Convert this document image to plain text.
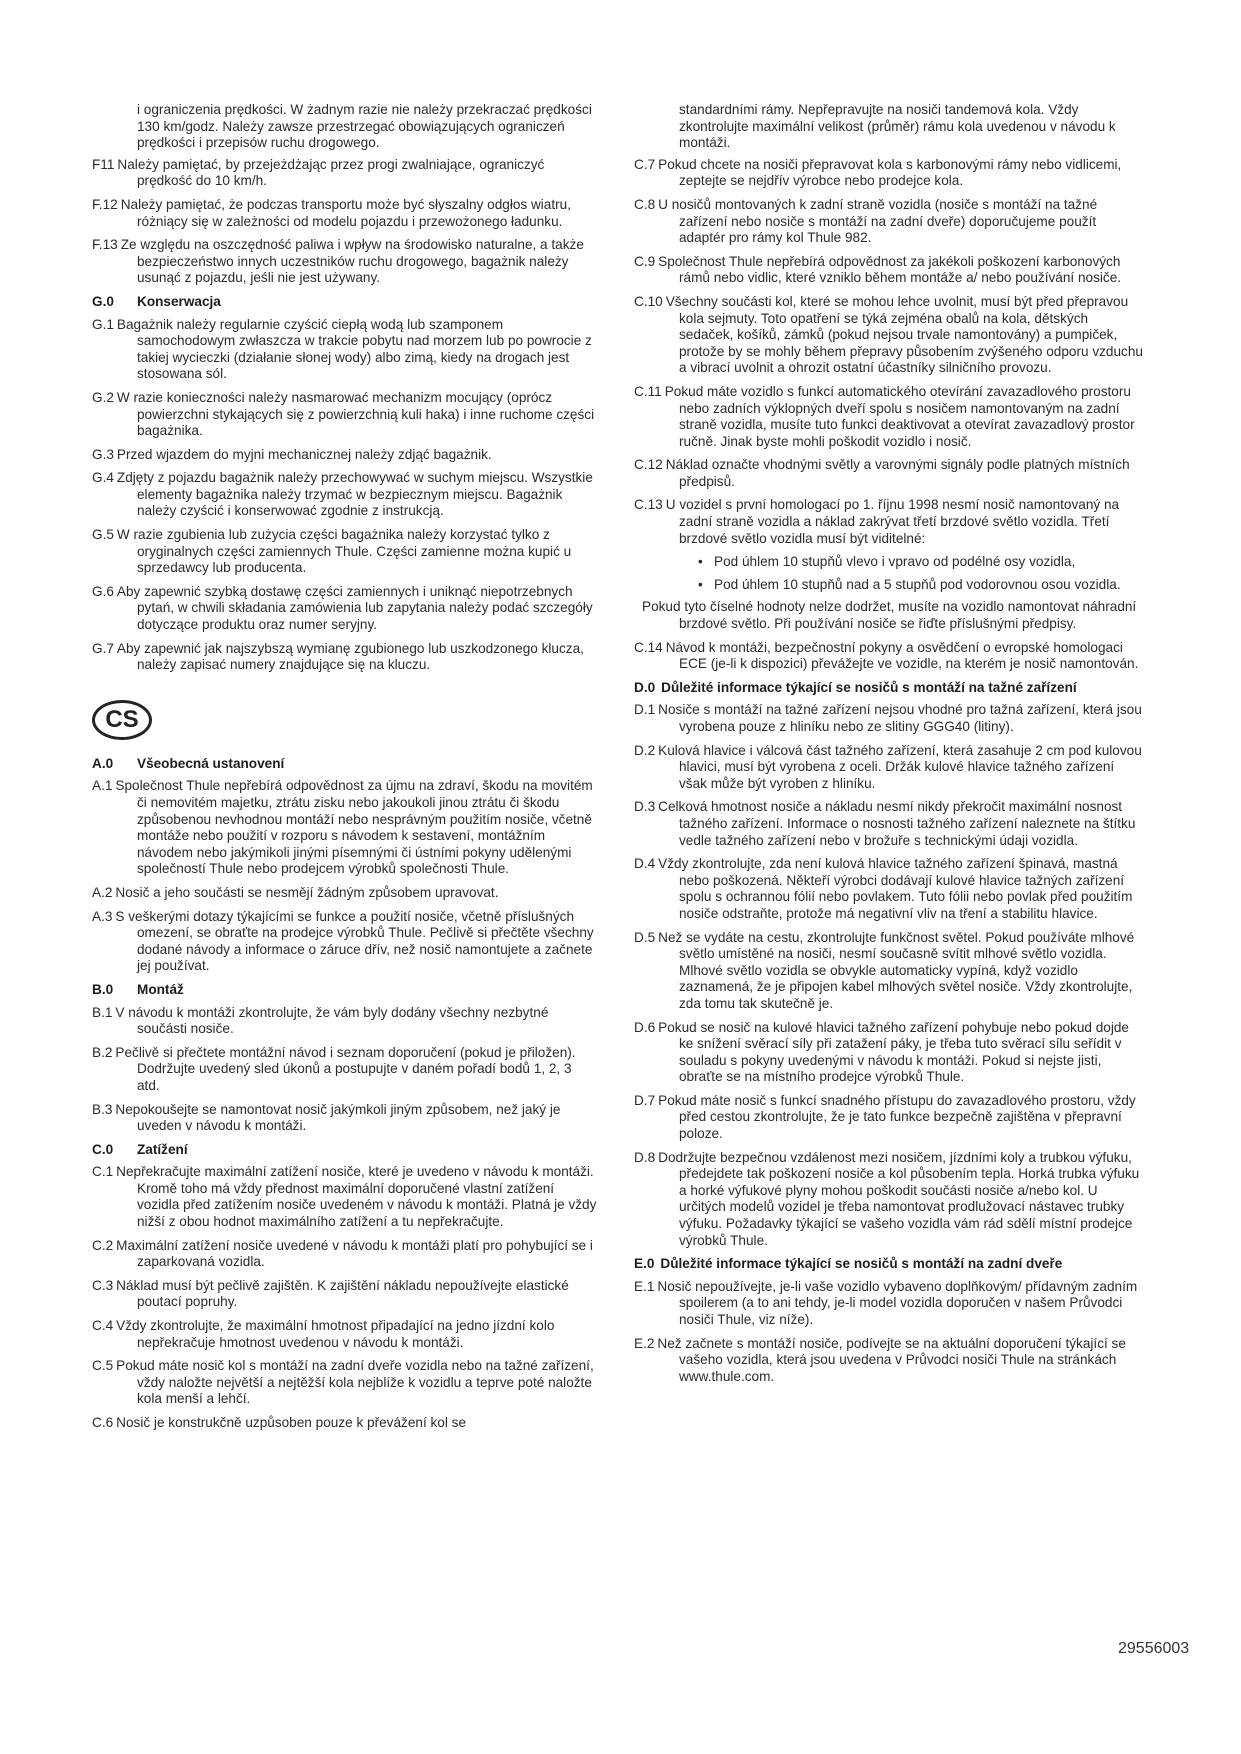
i ograniczenia prędkości. W żadnym razie nie należy przekraczać prędkości 130 km/godz. Należy zawsze przestrzegać obowiązujących ograniczeń prędkości i przepisów ruchu drogowego.

F11 Należy pamiętać, by przejeżdżając przez progi zwalniające, ograniczyć prędkość do 10 km/h.

F.12 Należy pamiętać, że podczas transportu może być słyszalny odgłos wiatru, różniący się w zależności od modelu pojazdu i przewożonego ładunku.

F.13 Ze względu na oszczędność paliwa i wpływ na środowisko naturalne, a także bezpieczeństwo innych uczestników ruchu drogowego, bagażnik należy usunąć z pojazdu, jeśli nie jest używany.

G.0 Konserwacja

G.1 Bagażnik należy regularnie czyścić ciepłą wodą lub szamponem samochodowym zwłaszcza w trakcie pobytu nad morzem lub po powrocie z takiej wycieczki (działanie słonej wody) albo zimą, kiedy na drogach jest stosowana sól.

G.2 W razie konieczności należy nasmarować mechanizm mocujący (oprócz powierzchni stykających się z powierzchnią kuli haka) i inne ruchome części bagażnika.

G.3 Przed wjazdem do myjni mechanicznej należy zdjąć bagażnik.

G.4 Zdjęty z pojazdu bagażnik należy przechowywać w suchym miejscu. Wszystkie elementy bagażnika należy trzymać w bezpiecznym miejscu. Bagażnik należy czyścić i konserwować zgodnie z instrukcją.

G.5 W razie zgubienia lub zużycia części bagażnika należy korzystać tylko z oryginalnych części zamiennych Thule. Części zamienne można kupić u sprzedawcy lub producenta.

G.6 Aby zapewnić szybką dostawę części zamiennych i uniknąć niepotrzebnych pytań, w chwili składania zamówienia lub zapytania należy podać szczegóły dotyczące produktu oraz numer seryjny.

G.7 Aby zapewnić jak najszybszą wymianę zgubionego lub uszkodzonego klucza, należy zapisać numery znajdujące się na kluczu.

CS
A.0 Všeobecná ustanovení

A.1 Společnost Thule nepřebírá odpovědnost za újmu na zdraví, škodu na movitém či nemovitém majetku, ztrátu zisku nebo jakoukoli jinou ztrátu či škodu způsobenou nevhodnou montáží nebo nesprávným použitím nosiče, včetně montáže nebo použití v rozporu s návodem k sestavení, montážním návodem nebo jakýmikoli jinými písemnými či ústními pokyny udělenými společností Thule nebo prodejcem výrobků společnosti Thule.

A.2 Nosič a jeho součásti se nesmějí žádným způsobem upravovat.

A.3 S veškerými dotazy týkajícími se funkce a použití nosiče, včetně příslušných omezení, se obraťte na prodejce výrobků Thule. Pečlivě si přečtěte všechny dodané návody a informace o záruce dřív, než nosič namontujete a začnete jej používat.

B.0 Montáž

B.1 V návodu k montáži zkontrolujte, že vám byly dodány všechny nezbytné součásti nosiče.

B.2 Pečlivě si přečtete montážní návod i seznam doporučení (pokud je přiložen). Dodržujte uvedený sled úkonů a postupujte v daném pořadí bodů 1, 2, 3 atd.

B.3 Nepokoušejte se namontovat nosič jakýmkoli jiným způsobem, než jaký je uveden v návodu k montáži.

C.0 Zatížení

C.1 Nepřekračujte maximální zatížení nosiče, které je uvedeno v návodu k montáži. Kromě toho má vždy přednost maximální doporučené vlastní zatížení vozidla před zatížením nosiče uvedeném v návodu k montáži. Platná je vždy nižší z obou hodnot maximálního zatížení a tu nepřekračujte.

C.2 Maximální zatížení nosiče uvedené v návodu k montáži platí pro pohybující se i zaparkovaná vozidla.

C.3 Náklad musí být pečlivě zajištěn. K zajištění nákladu nepoužívejte elastické poutací popruhy.

C.4 Vždy zkontrolujte, že maximální hmotnost připadající na jedno jízdní kolo nepřekračuje hmotnost uvedenou v návodu k montáži.

C.5 Pokud máte nosič kol s montáží na zadní dveře vozidla nebo na tažné zařízení, vždy naložte největší a nejtěžší kola nejblíže k vozidlu a teprve poté naložte kola menší a lehčí.

C.6 Nosič je konstrukčně uzpůsoben pouze k převážení kol se

standardními rámy. Nepřepravujte na nosiči tandemová kola. Vždy zkontrolujte maximální velikost (průměr) rámu kola uvedenou v návodu k montáži.

C.7 Pokud chcete na nosiči přepravovat kola s karbonovými rámy nebo vidlicemi, zeptejte se nejdřív výrobce nebo prodejce kola.

C.8 U nosičů montovaných k zadní straně vozidla (nosiče s montáží na tažné zařízení nebo nosiče s montáží na zadní dveře) doporučujeme použít adaptér pro rámy kol Thule 982.

C.9 Společnost Thule nepřebírá odpovědnost za jakékoli poškození karbonových rámů nebo vidlic, které vzniklo během montáže a/ nebo používání nosiče.

C.10 Všechny součásti kol, které se mohou lehce uvolnit, musí být před přepravou kola sejmuty. Toto opatření se týká zejména obalů na kola, dětských sedaček, košíků, zámků (pokud nejsou trvale namontovány) a pumpiček, protože by se mohly během přepravy působením zvýšeného odporu vzduchu a vibrací uvolnit a ohrozit ostatní účastníky silničního provozu.

C.11 Pokud máte vozidlo s funkcí automatického otevírání zavazadlového prostoru nebo zadních výklopných dveří spolu s nosičem namontovaným na zadní straně vozidla, musíte tuto funkci deaktivovat a otevírat zavazadlový prostor ručně. Jinak byste mohli poškodit vozidlo i nosič.

C.12 Náklad označte vhodnými světly a varovnými signály podle platných místních předpisů.

C.13 U vozidel s první homologací po 1. říjnu 1998 nesmí nosič namontovaný na zadní straně vozidla a náklad zakrývat třetí brzdové světlo vozidla. Třetí brzdové světlo vozidla musí být viditelné:

• Pod úhlem 10 stupňů vlevo i vpravo od podélné osy vozidla,

• Pod úhlem 10 stupňů nad a 5 stupňů pod vodorovnou osou vozidla.

Pokud tyto číselné hodnoty nelze dodržet, musíte na vozidlo namontovat náhradní brzdové světlo. Při používání nosiče se řiďte příslušnými předpisy.

C.14 Návod k montáži, bezpečnostní pokyny a osvědčení o evropské homologaci ECE (je-li k dispozici) převážejte ve vozidle, na kterém je nosič namontován.

D.0 Důležité informace týkající se nosičů s montáží na tažné zařízení

D.1 Nosiče s montáží na tažné zařízení nejsou vhodné pro tažná zařízení, která jsou vyrobena pouze z hliníku nebo ze slitiny GGG40 (litiny).

D.2 Kulová hlavice i válcová část tažného zařízení, která zasahuje 2 cm pod kulovou hlavici, musí být vyrobena z oceli. Držák kulové hlavice tažného zařízení však může být vyroben z hliníku.

D.3 Celková hmotnost nosiče a nákladu nesmí nikdy překročit maximální nosnost tažného zařízení. Informace o nosnosti tažného zařízení naleznete na štítku vedle tažného zařízení nebo v brožuře s technickými údaji vozidla.

D.4 Vždy zkontrolujte, zda není kulová hlavice tažného zařízení špinavá, mastná nebo poškozená. Někteří výrobci dodávají kulové hlavice tažných zařízení spolu s ochrannou fólií nebo povlakem. Tuto fólii nebo povlak před použitím nosiče odstraňte, protože má negativní vliv na tření a stabilitu hlavice.

D.5 Než se vydáte na cestu, zkontrolujte funkčnost světel. Pokud používáte mlhové světlo umístěné na nosiči, nesmí současně svítit mlhové světlo vozidla. Mlhové světlo vozidla se obvykle automaticky vypíná, když vozidlo zaznamená, že je připojen kabel mlhových světel nosiče. Vždy zkontrolujte, zda tomu tak skutečně je.

D.6 Pokud se nosič na kulové hlavici tažného zařízení pohybuje nebo pokud dojde ke snížení svěrací síly při zatažení páky, je třeba tuto svěrací sílu seřídit v souladu s pokyny uvedenými v návodu k montáži. Pokud si nejste jisti, obraťte se na místního prodejce výrobků Thule.

D.7 Pokud máte nosič s funkcí snadného přístupu do zavazadlového prostoru, vždy před cestou zkontrolujte, že je tato funkce bezpečně zajištěna v přepravní poloze.

D.8 Dodržujte bezpečnou vzdálenost mezi nosičem, jízdními koly a trubkou výfuku, předejdete tak poškození nosiče a kol působením tepla. Horká trubka výfuku a horké výfukové plyny mohou poškodit součásti nosiče a/nebo kol. U určitých modelů vozidel je třeba namontovat prodlužovací nástavec trubky výfuku. Požadavky týkající se vašeho vozidla vám rád sdělí místní prodejce výrobků Thule.

E.0 Důležité informace týkající se nosičů s montáží na zadní dveře

E.1 Nosič nepoužívejte, je-li vaše vozidlo vybaveno doplňkovým/ přídavným zadním spoilerem (a to ani tehdy, je-li model vozidla doporučen v našem Průvodci nosiči Thule, viz níže).

E.2 Než začnete s montáží nosiče, podívejte se na aktuální doporučení týkající se vašeho vozidla, která jsou uvedena v Průvodci nosiči Thule na stránkách www.thule.com.

29556003
